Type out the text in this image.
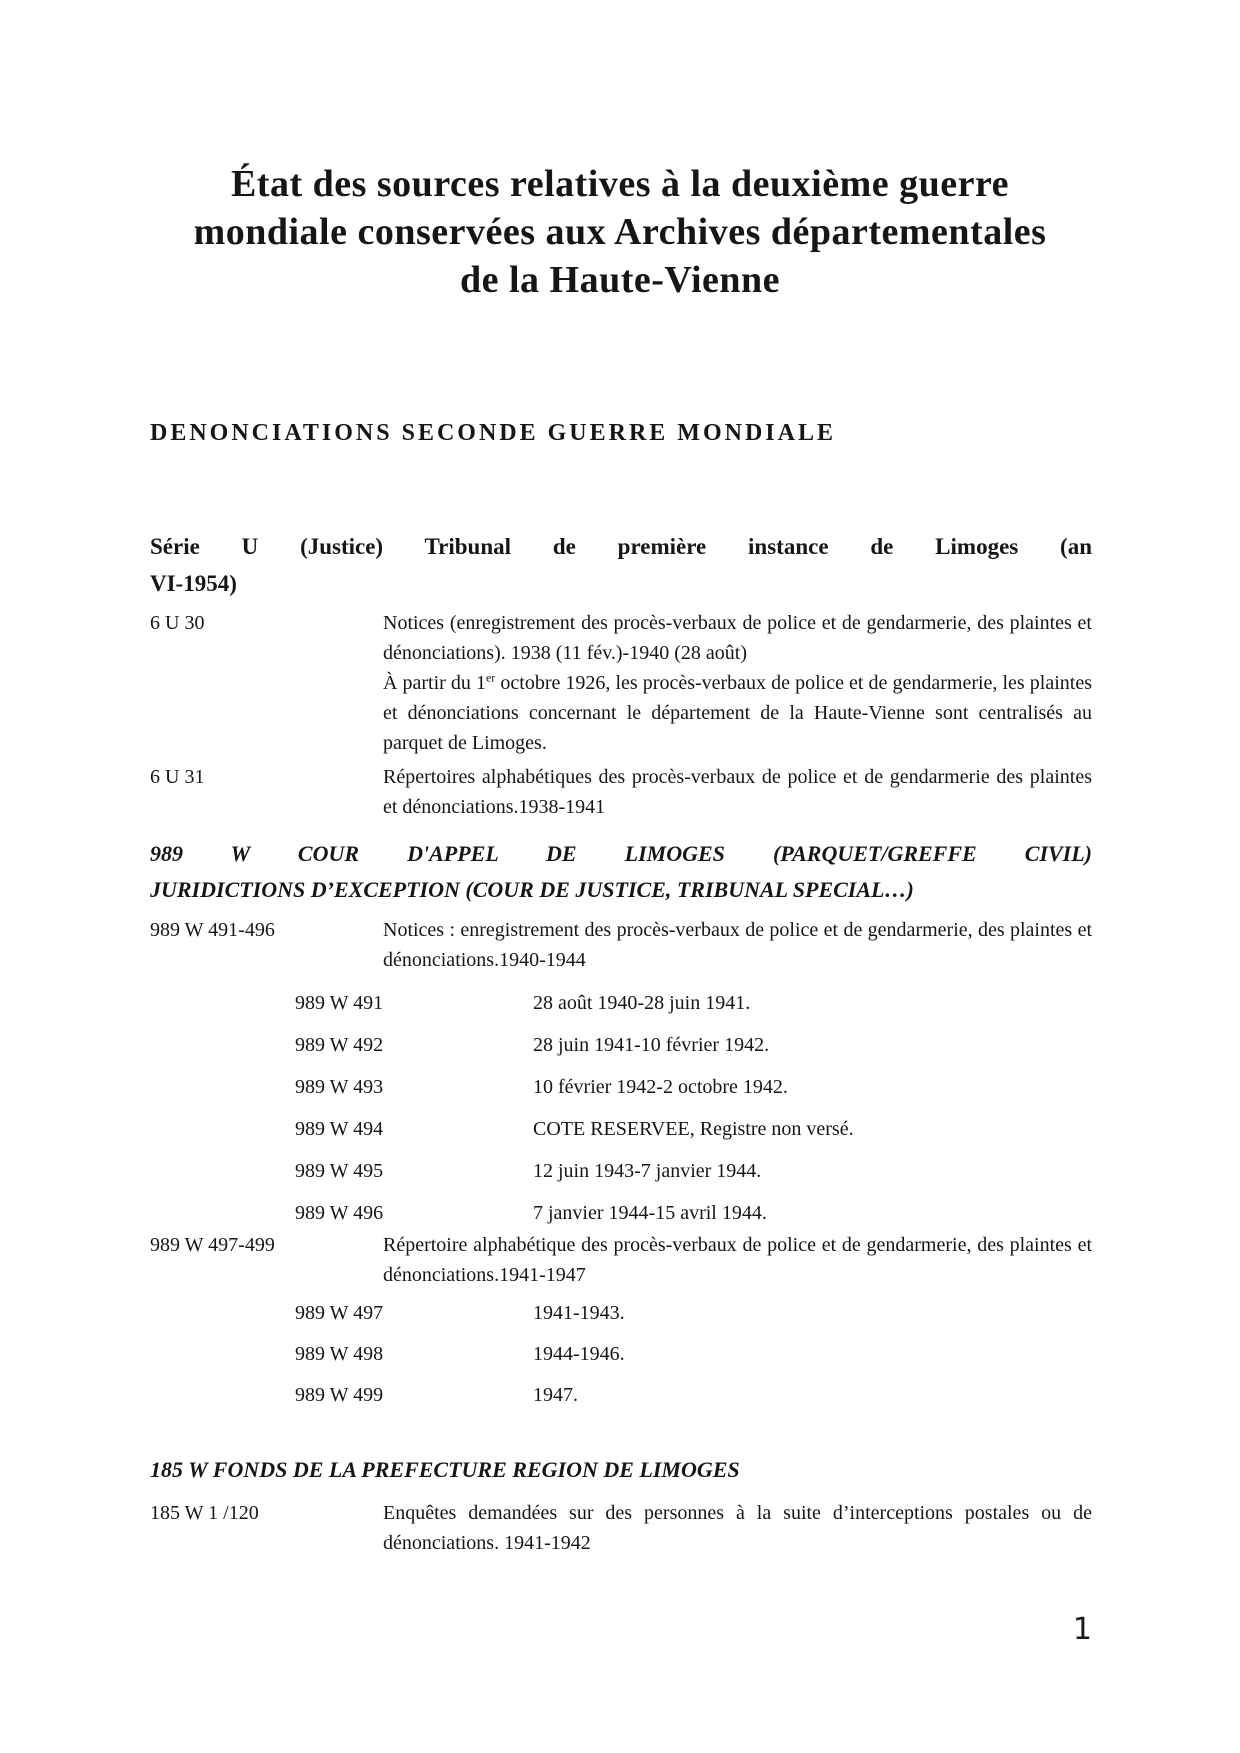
État des sources relatives à la deuxième guerre
mondiale conservées aux Archives départementales
de la Haute-Vienne
DENONCIATIONS SECONDE GUERRE MONDIALE
Série U (Justice) Tribunal de première instance de Limoges (an
VI-1954)
6 U 30	Notices (enregistrement des procès-verbaux de police et de gendarmerie, des plaintes et dénonciations). 1938 (11 fév.)-1940 (28 août)

À partir du 1er octobre 1926, les procès-verbaux de police et de gendarmerie, les plaintes et dénonciations concernant le département de la Haute-Vienne sont centralisés au parquet de Limoges.

6 U 31	Répertoires alphabétiques des procès-verbaux de police et de gendarmerie des plaintes et dénonciations.1938-1941
989 W COUR D'APPEL DE LIMOGES (PARQUET/GREFFE CIVIL)
JURIDICTIONS D’EXCEPTION (COUR DE JUSTICE, TRIBUNAL SPECIAL…)
989 W 491-496	Notices : enregistrement des procès-verbaux de police et de gendarmerie, des plaintes et dénonciations.1940-1944
989 W 491	28 août 1940-28 juin 1941.
989 W 492	28 juin 1941-10 février 1942.
989 W 493	10 février 1942-2 octobre 1942.
989 W 494	COTE RESERVEE, Registre non versé.
989 W 495	12 juin 1943-7 janvier 1944.
989 W 496	7 janvier 1944-15 avril 1944.
989 W 497-499	Répertoire alphabétique des procès-verbaux de police et de gendarmerie, des plaintes et dénonciations.1941-1947
989 W 497	1941-1943.
989 W 498	1944-1946.
989 W 499	1947.
185 W FONDS DE LA PREFECTURE REGION DE LIMOGES
185 W 1 /120	Enquêtes demandées sur des personnes à la suite d’interceptions postales ou de dénonciations. 1941-1942
1
